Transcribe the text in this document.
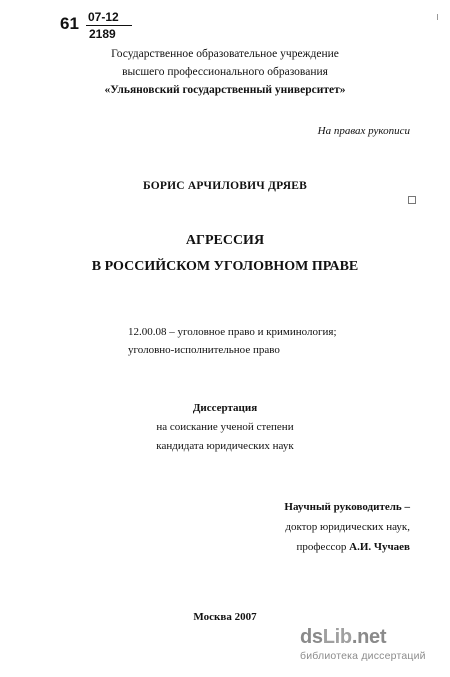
61 07-12
2189
Государственное образовательное учреждение
высшего профессионального образования
«Ульяновский государственный университет»
На правах рукописи
БОРИС АРЧИЛОВИЧ ДРЯЕВ
АГРЕССИЯ
В РОССИЙСКОМ УГОЛОВНОМ ПРАВЕ
12.00.08 – уголовное право и криминология;
уголовно-исполнительное право
Диссертация
на соискание ученой степени
кандидата юридических наук
Научный руководитель –
доктор юридических наук,
профессор А.И. Чучаев
Москва 2007
dsLib.net
библиотека диссертаций
